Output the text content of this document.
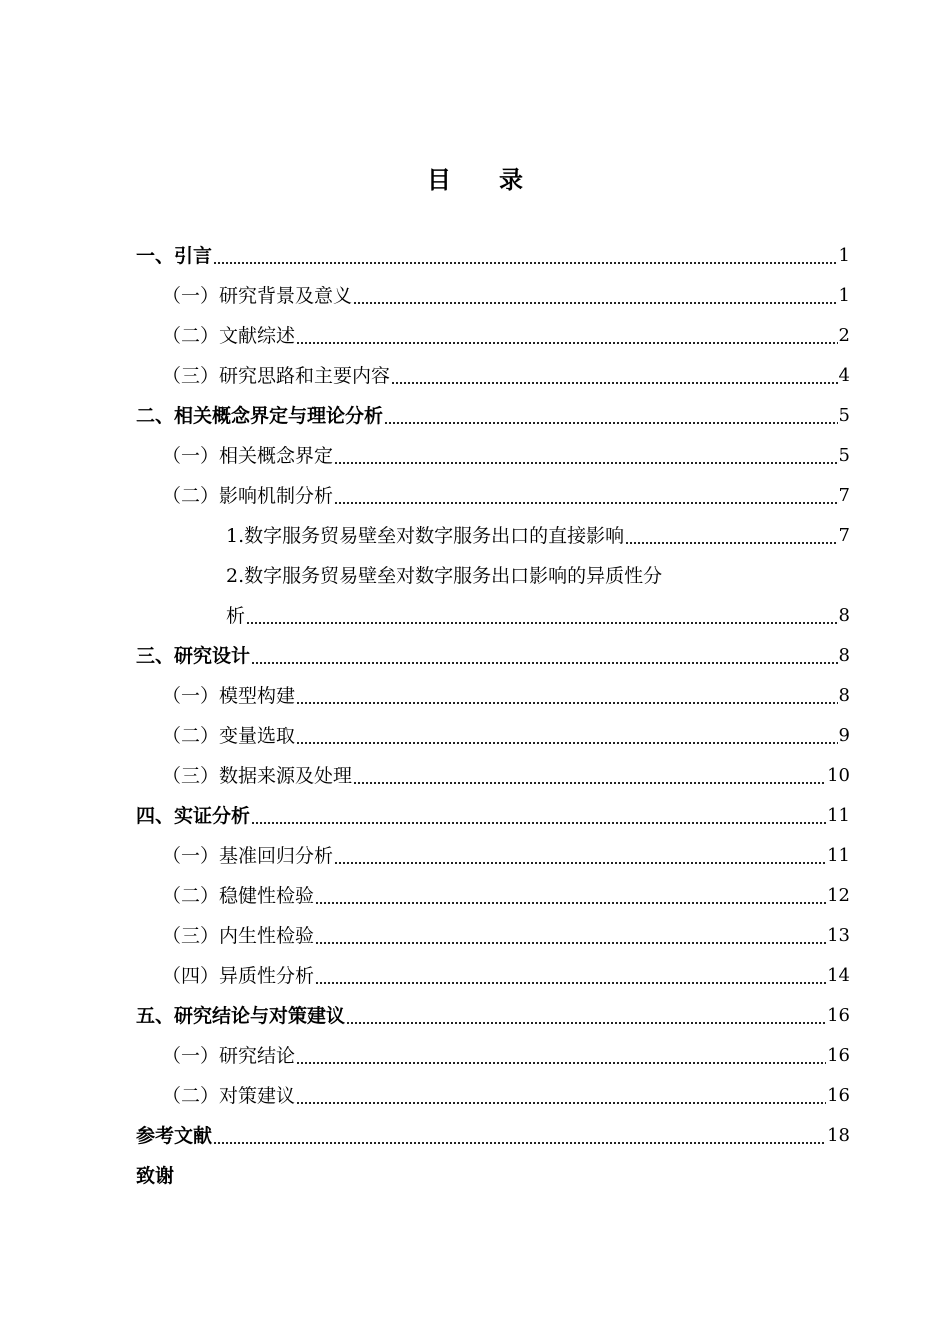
目 录
一、引言	1
（一）研究背景及意义	1
（二）文献综述	2
（三）研究思路和主要内容	4
二、相关概念界定与理论分析	5
（一）相关概念界定	5
（二）影响机制分析	7
1.数字服务贸易壁垒对数字服务出口的直接影响	7
2.数字服务贸易壁垒对数字服务出口影响的异质性分
析	8
三、研究设计	8
（一）模型构建	8
（二）变量选取	9
（三）数据来源及处理	10
四、实证分析	11
（一）基准回归分析	11
（二）稳健性检验	12
（三）内生性检验	13
（四）异质性分析	14
五、研究结论与对策建议	16
（一）研究结论	16
（二）对策建议	16
参考文献	18
致谢
